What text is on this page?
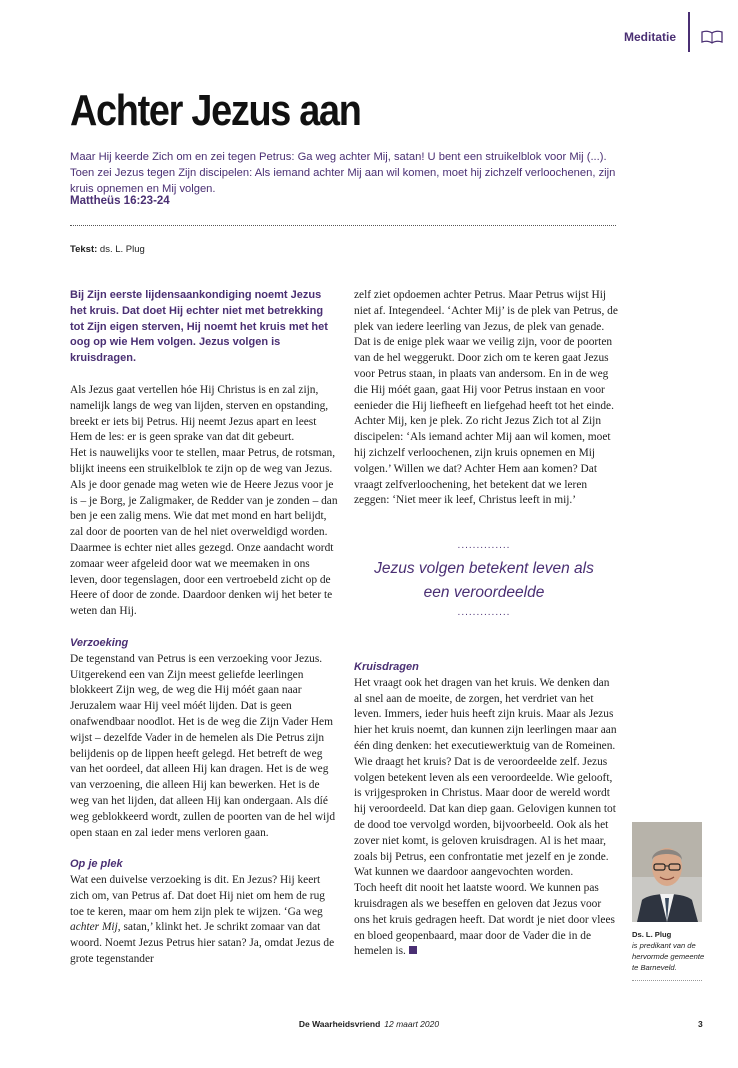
Meditatie
Achter Jezus aan
Maar Hij keerde Zich om en zei tegen Petrus: Ga weg achter Mij, satan! U bent een struikelblok voor Mij (...). Toen zei Jezus tegen Zijn discipelen: Als iemand achter Mij aan wil komen, moet hij zichzelf verloochenen, zijn kruis opnemen en Mij volgen.
Mattheüs 16:23-24
Tekst: ds. L. Plug

Bij Zijn eerste lijdensaankondiging noemt Jezus het kruis. Dat doet Hij echter niet met betrekking tot Zijn eigen sterven, Hij noemt het kruis met het oog op wie Hem volgen. Jezus volgen is kruisdragen.

Als Jezus gaat vertellen hóe Hij Christus is en zal zijn, namelijk langs de weg van lijden, sterven en opstanding, breekt er iets bij Petrus. Hij neemt Jezus apart en leest Hem de les: er is geen sprake van dat dit gebeurt.

Het is nauwelijks voor te stellen, maar Petrus, de rotsman, blijkt ineens een struikelblok te zijn op de weg van Jezus. Als je door genade mag weten wie de Heere Jezus voor je is – je Borg, je Zaligmaker, de Redder van je zonden – dan ben je een zalig mens. Wie dat met mond en hart belijdt, zal door de poorten van de hel niet overweldigd worden.

Daarmee is echter niet alles gezegd. Onze aandacht wordt zomaar weer afgeleid door wat we meemaken in ons leven, door tegenslagen, door een vertroebeld zicht op de Heere of door de zonde. Daardoor denken wij het beter te weten dan Hij.

Verzoeking

De tegenstand van Petrus is een verzoeking voor Jezus. Uitgerekend een van Zijn meest geliefde leerlingen blokkeert Zijn weg, de weg die Hij móét gaan naar Jeruzalem waar Hij veel móét lijden. Dat is geen onafwendbaar noodlot. Het is de weg die Zijn Vader Hem wijst – dezelfde Vader in de hemelen als Die Petrus zijn belijdenis op de lippen heeft gelegd. Het betreft de weg van het oordeel, dat alleen Hij kan dragen. Het is de weg van verzoening, die alleen Hij kan bewerken. Het is de weg van het lijden, dat alleen Hij kan ondergaan. Als díé weg geblokkeerd wordt, zullen de poorten van de hel wijd open staan en zal ieder mens verloren gaan.

Op je plek

Wat een duivelse verzoeking is dit. En Jezus? Hij keert zich om, van Petrus af. Dat doet Hij niet om hem de rug toe te keren, maar om hem zijn plek te wijzen. ‘Ga weg achter Mij, satan,’ klinkt het. Je schrikt zomaar van dat woord. Noemt Jezus Petrus hier satan? Ja, omdat Jezus de grote tegenstander

zelf ziet opdoemen achter Petrus. Maar Petrus wijst Hij niet af. Integendeel. ‘Achter Mij’ is de plek van Petrus, de plek van iedere leerling van Jezus, de plek van genade. Dat is de enige plek waar we veilig zijn, voor de poorten van de hel weggerukt. Door zich om te keren gaat Jezus voor Petrus staan, in plaats van andersom. En in de weg die Hij móét gaan, gaat Hij voor Petrus instaan en voor eenieder die Hij liefheeft en liefgehad heeft tot het einde.

Achter Mij, ken je plek. Zo richt Jezus Zich tot al Zijn discipelen: ‘Als iemand achter Mij aan wil komen, moet hij zichzelf verloochenen, zijn kruis opnemen en Mij volgen.’ Willen we dat? Achter Hem aan komen? Dat vraagt zelfverloochening, het betekent dat we leren zeggen: ‘Niet meer ik leef, Christus leeft in mij.’

..............
Jezus volgen betekent leven als een veroordeelde
..............

Kruisdragen

Het vraagt ook het dragen van het kruis. We denken dan al snel aan de moeite, de zorgen, het verdriet van het leven. Immers, ieder huis heeft zijn kruis. Maar als Jezus hier het kruis noemt, dan kunnen zijn leerlingen maar aan één ding denken: het executiewerktuig van de Romeinen.

Wie draagt het kruis? Dat is de veroordeelde zelf. Jezus volgen betekent leven als een veroordeelde. Wie gelooft, is vrijgesproken in Christus. Maar door de wereld wordt hij veroordeeld. Dat kan diep gaan. Gelovigen kunnen tot de dood toe vervolgd worden, bijvoorbeeld. Ook als het zover niet komt, is geloven kruisdragen. Al is het maar, zoals bij Petrus, een confrontatie met jezelf en je zonde. Wat kunnen we daardoor aangevochten worden.

Toch heeft dit nooit het laatste woord. We kunnen pas kruisdragen als we beseffen en geloven dat Jezus voor ons het kruis gedragen heeft. Dat wordt je niet door vlees en bloed geopenbaard, maar door de Vader die in de hemelen is.

Ds. L. Plug
is predikant van de hervormde gemeente te Barneveld.
De Waarheidsvriend 12 maart 2020	3
